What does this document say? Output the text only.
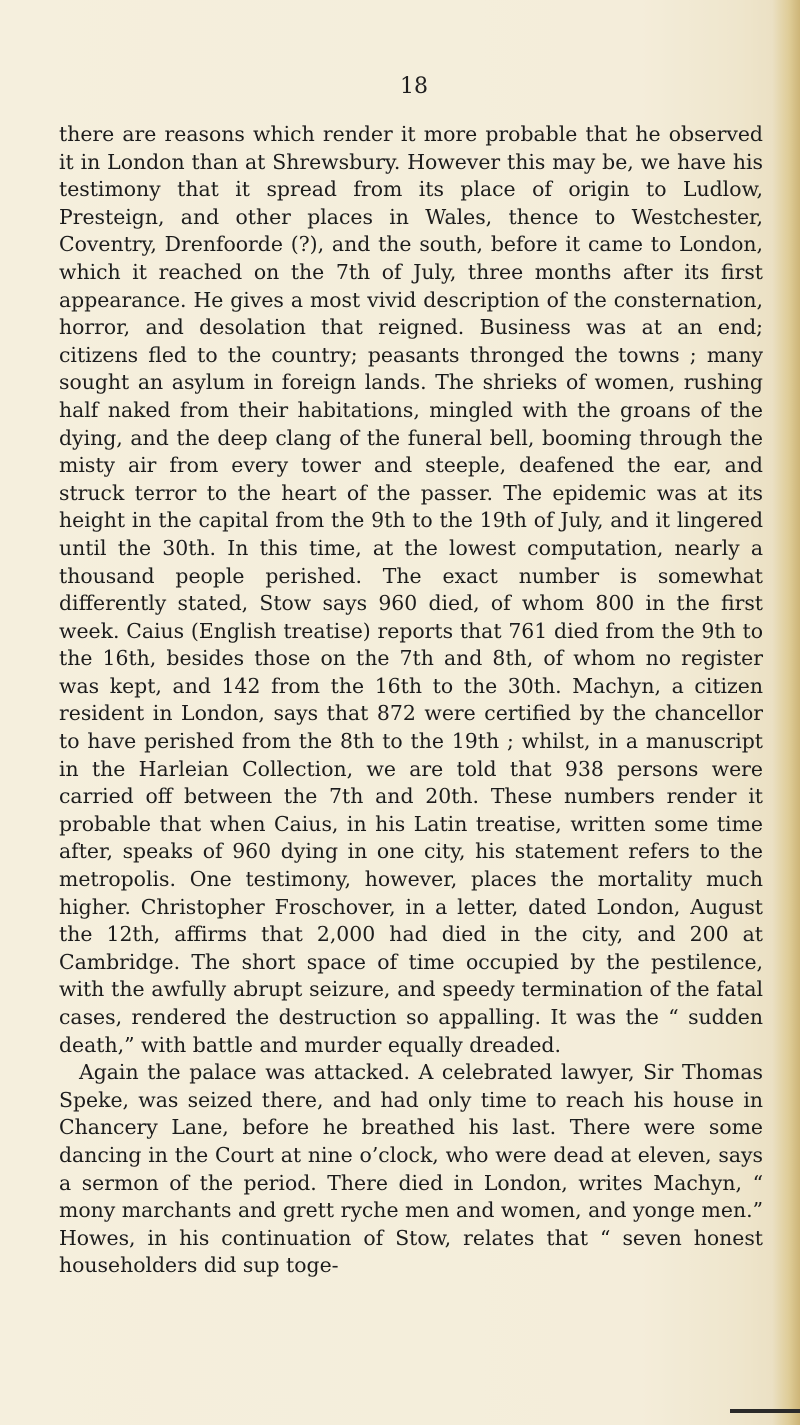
18

there are reasons which render it more probable that he observed it in London than at Shrewsbury. However this may be, we have his testimony that it spread from its place of origin to Ludlow, Presteign, and other places in Wales, thence to Westchester, Coventry, Drenfoorde (?), and the south, before it came to London, which it reached on the 7th of July, three months after its first appearance. He gives a most vivid description of the consternation, horror, and desolation that reigned. Business was at an end; citizens fled to the country; peasants thronged the towns ; many sought an asylum in foreign lands. The shrieks of women, rushing half naked from their habitations, mingled with the groans of the dying, and the deep clang of the funeral bell, booming through the misty air from every tower and steeple, deafened the ear, and struck terror to the heart of the passer. The epidemic was at its height in the capital from the 9th to the 19th of July, and it lingered until the 30th. In this time, at the lowest computation, nearly a thousand people perished. The exact number is somewhat differently stated, Stow says 960 died, of whom 800 in the first week. Caius (English treatise) reports that 761 died from the 9th to the 16th, besides those on the 7th and 8th, of whom no register was kept, and 142 from the 16th to the 30th. Machyn, a citizen resident in London, says that 872 were certified by the chancellor to have perished from the 8th to the 19th ; whilst, in a manuscript in the Harleian Collection, we are told that 938 persons were carried off between the 7th and 20th. These numbers render it probable that when Caius, in his Latin treatise, written some time after, speaks of 960 dying in one city, his statement refers to the metropolis. One testimony, however, places the mortality much higher. Christopher Froschover, in a letter, dated London, August the 12th, affirms that 2,000 had died in the city, and 200 at Cambridge. The short space of time occupied by the pestilence, with the awfully abrupt seizure, and speedy termination of the fatal cases, rendered the destruction so appalling. It was the “ sudden death,” with battle and murder equally dreaded.

Again the palace was attacked. A celebrated lawyer, Sir Thomas Speke, was seized there, and had only time to reach his house in Chancery Lane, before he breathed his last. There were some dancing in the Court at nine o’clock, who were dead at eleven, says a sermon of the period. There died in London, writes Machyn, “ mony marchants and grett ryche men and women, and yonge men.” Howes, in his continuation of Stow, relates that “ seven honest householders did sup toge-
